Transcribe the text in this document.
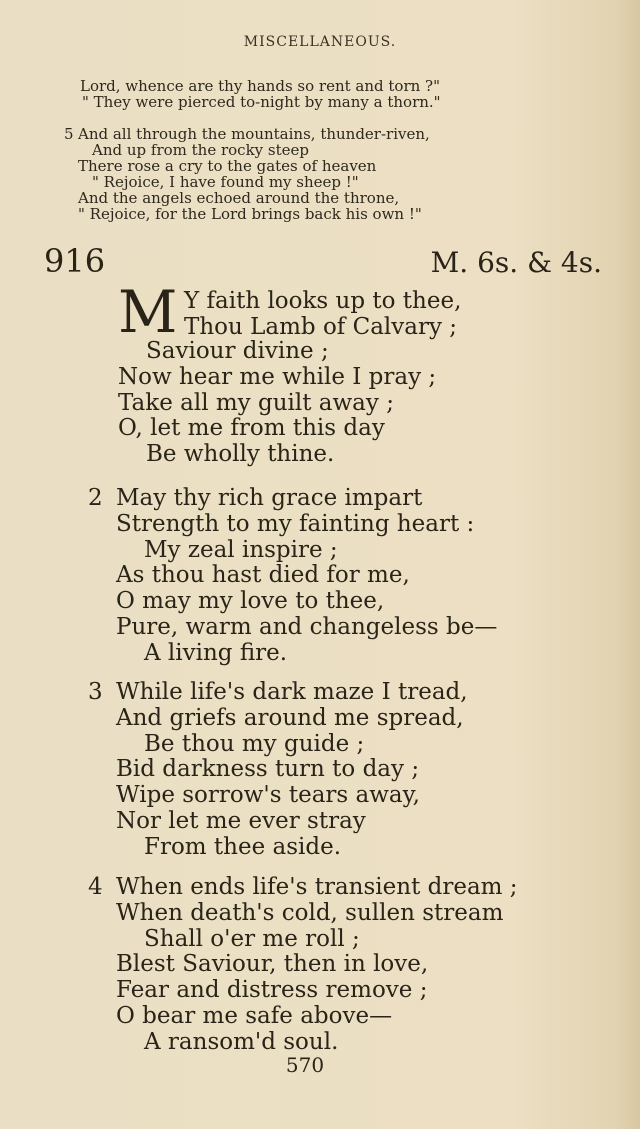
MISCELLANEOUS.
Lord, whence are thy hands so rent and torn ?"
" They were pierced to-night by many a thorn."
5 And all through the mountains, thunder-riven,
And up from the rocky steep
There rose a cry to the gates of heaven
" Rejoice, I have found my sheep !"
And the angels echoed around the throne,
" Rejoice, for the Lord brings back his own !"
916	M. 6s. & 4s.
M Y faith looks up to thee,
Thou Lamb of Calvary ;
Saviour divine ;
Now hear me while I pray ;
Take all my guilt away ;
O, let me from this day
Be wholly thine.
2 May thy rich grace impart
Strength to my fainting heart :
My zeal inspire ;
As thou hast died for me,
O may my love to thee,
Pure, warm and changeless be—
A living fire.
3 While life's dark maze I tread,
And griefs around me spread,
Be thou my guide ;
Bid darkness turn to day ;
Wipe sorrow's tears away,
Nor let me ever stray
From thee aside.
4 When ends life's transient dream ;
When death's cold, sullen stream
Shall o'er me roll ;
Blest Saviour, then in love,
Fear and distress remove ;
O bear me safe above—
A ransom'd soul.
570
